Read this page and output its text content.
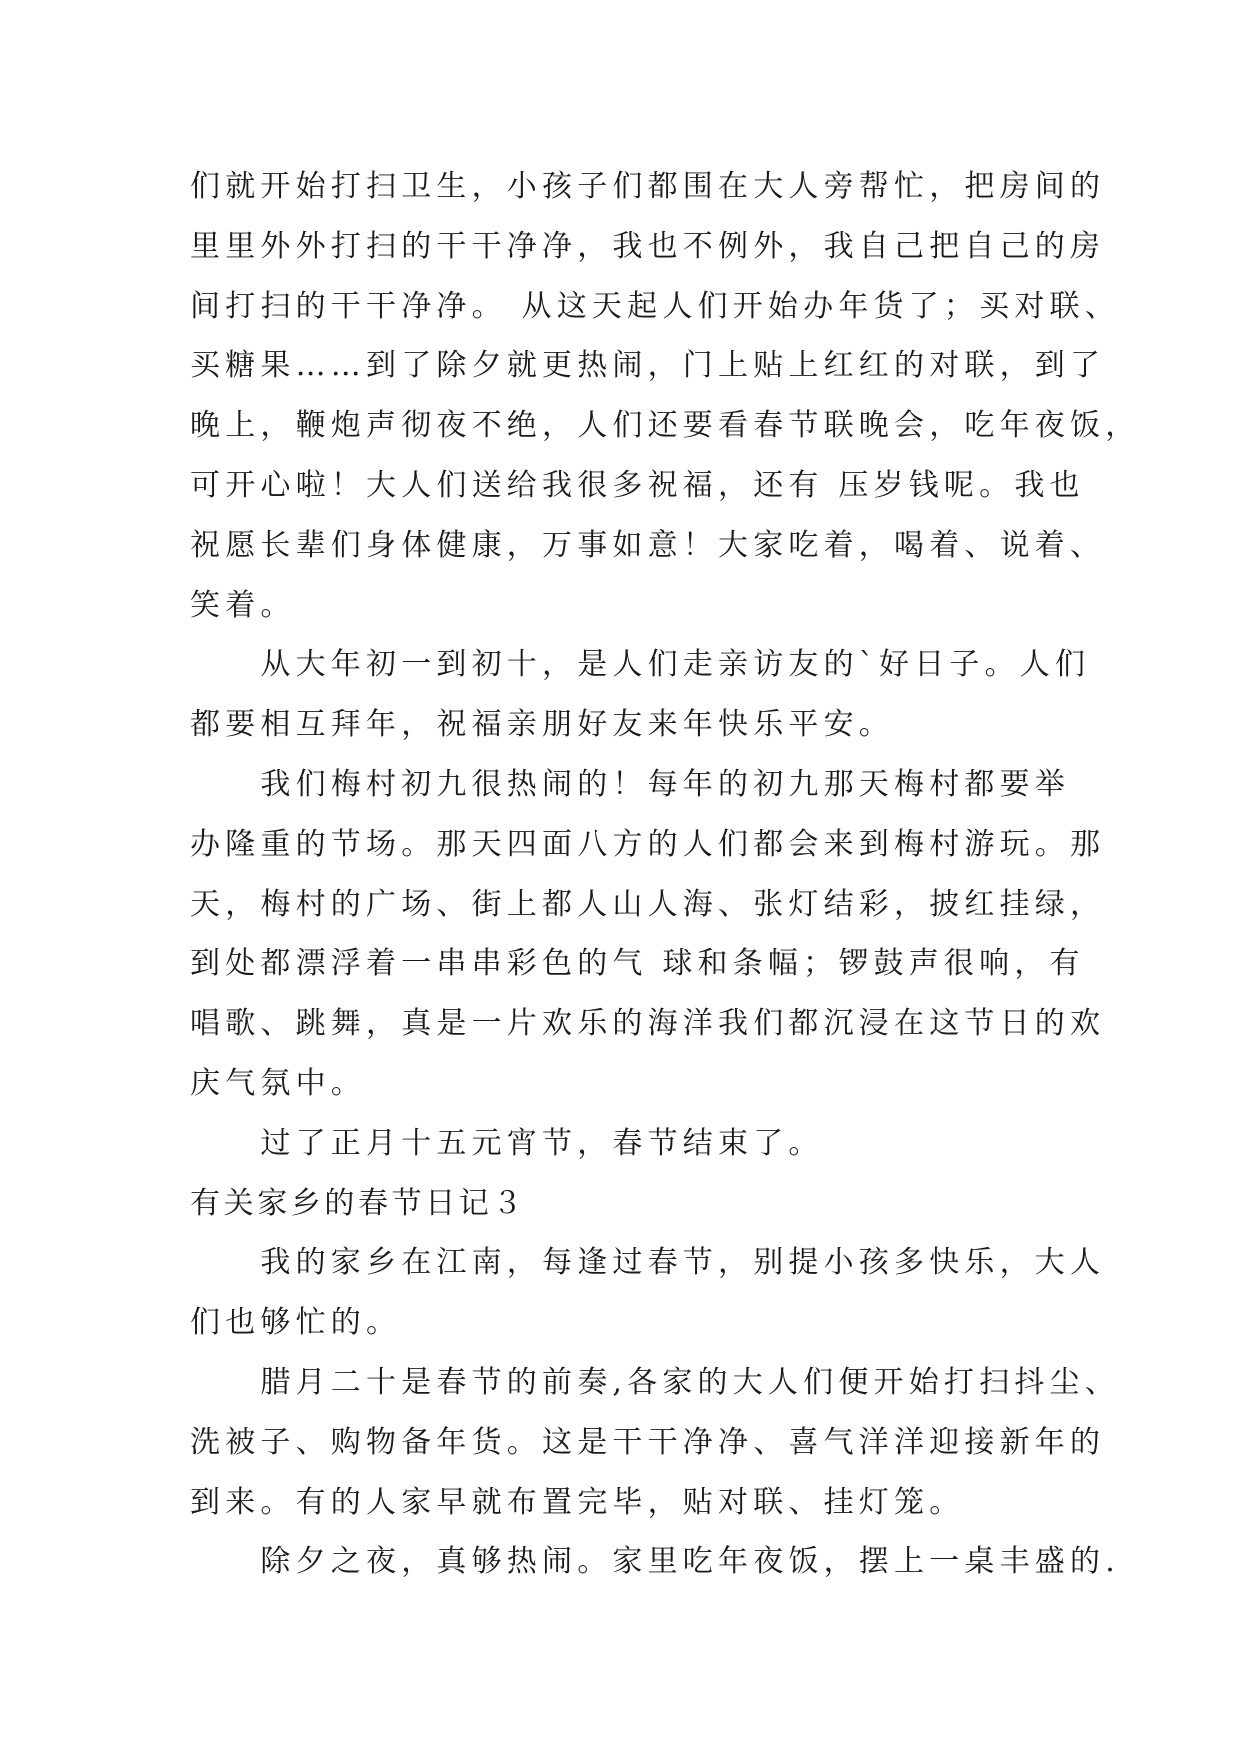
们就开始打扫卫生，小孩子们都围在大人旁帮忙，把房间的
里里外外打扫的干干净净，我也不例外，我自己把自己的房
间打扫的干干净净。 从这天起人们开始办年货了；买对联、
买糖果……到了除夕就更热闹，门上贴上红红的对联，到了
晚上，鞭炮声彻夜不绝，人们还要看春节联晚会，吃年夜饭，
可开心啦！大人们送给我很多祝福，还有 压岁钱呢。我也
祝愿长辈们身体健康，万事如意！大家吃着，喝着、说着、
笑着。
　　从大年初一到初十，是人们走亲访友的`好日子。人们
都要相互拜年，祝福亲朋好友来年快乐平安。
　　我们梅村初九很热闹的！每年的初九那天梅村都要举
办隆重的节场。那天四面八方的人们都会来到梅村游玩。那
天，梅村的广场、街上都人山人海、张灯结彩，披红挂绿，
到处都漂浮着一串串彩色的气 球和条幅；锣鼓声很响，有
唱歌、跳舞，真是一片欢乐的海洋我们都沉浸在这节日的欢
庆气氛中。
　　过了正月十五元宵节，春节结束了。
有关家乡的春节日记３
　　我的家乡在江南，每逢过春节，别提小孩多快乐，大人
们也够忙的。
　　腊月二十是春节的前奏,各家的大人们便开始打扫抖尘、
洗被子、购物备年货。这是干干净净、喜气洋洋迎接新年的
到来。有的人家早就布置完毕，贴对联、挂灯笼。
　　除夕之夜，真够热闹。家里吃年夜饭，摆上一桌丰盛的.
